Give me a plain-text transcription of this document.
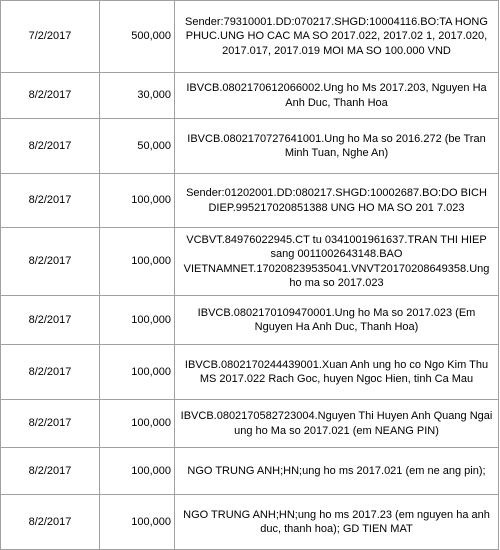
7/2/2017	500,000	Sender:79310001.DD:070217.SHGD:10004116.BO:TA HONG PHUC.UNG HO CAC MA SO 2017.022, 2017.02 1, 2017.020, 2017.017, 2017.019 MOI MA SO 100.000 VND
8/2/2017	30,000	IBVCB.0802170612066002.Ung ho Ms 2017.203, Nguyen Ha Anh Duc, Thanh Hoa
8/2/2017	50,000	IBVCB.0802170727641001.Ung ho Ma so 2016.272 (be Tran Minh Tuan, Nghe An)
8/2/2017	100,000	Sender:01202001.DD:080217.SHGD:10002687.BO:DO BICH DIEP.995217020851388 UNG HO MA SO 201 7.023
8/2/2017	100,000	VCBVT.84976022945.CT tu 0341001961637.TRAN THI HIEP sang 0011002643148.BAO VIETNAMNET.170208239535041.VNVT20170208649358.Ung ho ma so 2017.023
8/2/2017	100,000	IBVCB.0802170109470001.Ung ho Ma so 2017.023 (Em Nguyen Ha Anh Duc, Thanh Hoa)
8/2/2017	100,000	IBVCB.0802170244439001.Xuan Anh ung ho co Ngo Kim Thu MS 2017.022 Rach Goc, huyen Ngoc Hien, tinh Ca Mau
8/2/2017	100,000	IBVCB.0802170582723004.Nguyen Thi Huyen Anh Quang Ngai ung ho Ma so 2017.021 (em NEANG PIN)
8/2/2017	100,000	NGO TRUNG ANH;HN;ung ho ms 2017.021 (em ne ang pin);
8/2/2017	100,000	NGO TRUNG ANH;HN;ung ho ms 2017.23 (em nguyen ha anh duc, thanh hoa); GD TIEN MAT
